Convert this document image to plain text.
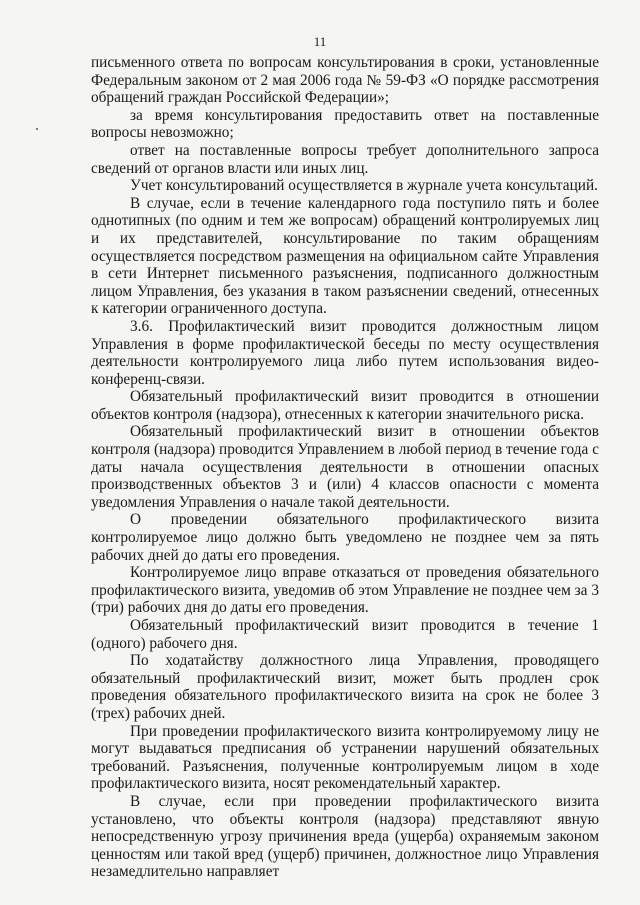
11

письменного ответа по вопросам консультирования в сроки, установленные Федеральным законом от 2 мая 2006 года № 59-ФЗ «О порядке рассмотрения обращений граждан Российской Федерации»;

за время консультирования предоставить ответ на поставленные вопросы невозможно;

ответ на поставленные вопросы требует дополнительного запроса сведений от органов власти или иных лиц.

Учет консультирований осуществляется в журнале учета консультаций.

В случае, если в течение календарного года поступило пять и более однотипных (по одним и тем же вопросам) обращений контролируемых лиц и их представителей, консультирование по таким обращениям осуществляется посредством размещения на официальном сайте Управления в сети Интернет письменного разъяснения, подписанного должностным лицом Управления, без указания в таком разъяснении сведений, отнесенных к категории ограниченного доступа.

3.6. Профилактический визит проводится должностным лицом Управления в форме профилактической беседы по месту осуществления деятельности контролируемого лица либо путем использования видео-конференц-связи.

Обязательный профилактический визит проводится в отношении объектов контроля (надзора), отнесенных к категории значительного риска.

Обязательный профилактический визит в отношении объектов контроля (надзора) проводится Управлением в любой период в течение года с даты начала осуществления деятельности в отношении опасных производственных объектов 3 и (или) 4 классов опасности с момента уведомления Управления о начале такой деятельности.

О проведении обязательного профилактического визита контролируемое лицо должно быть уведомлено не позднее чем за пять рабочих дней до даты его проведения.

Контролируемое лицо вправе отказаться от проведения обязательного профилактического визита, уведомив об этом Управление не позднее чем за 3 (три) рабочих дня до даты его проведения.

Обязательный профилактический визит проводится в течение 1 (одного) рабочего дня.

По ходатайству должностного лица Управления, проводящего обязательный профилактический визит, может быть продлен срок проведения обязательного профилактического визита на срок не более 3 (трех) рабочих дней.

При проведении профилактического визита контролируемому лицу не могут выдаваться предписания об устранении нарушений обязательных требований. Разъяснения, полученные контролируемым лицом в ходе профилактического визита, носят рекомендательный характер.

В случае, если при проведении профилактического визита установлено, что объекты контроля (надзора) представляют явную непосредственную угрозу причинения вреда (ущерба) охраняемым законом ценностям или такой вред (ущерб) причинен, должностное лицо Управления незамедлительно направляет
